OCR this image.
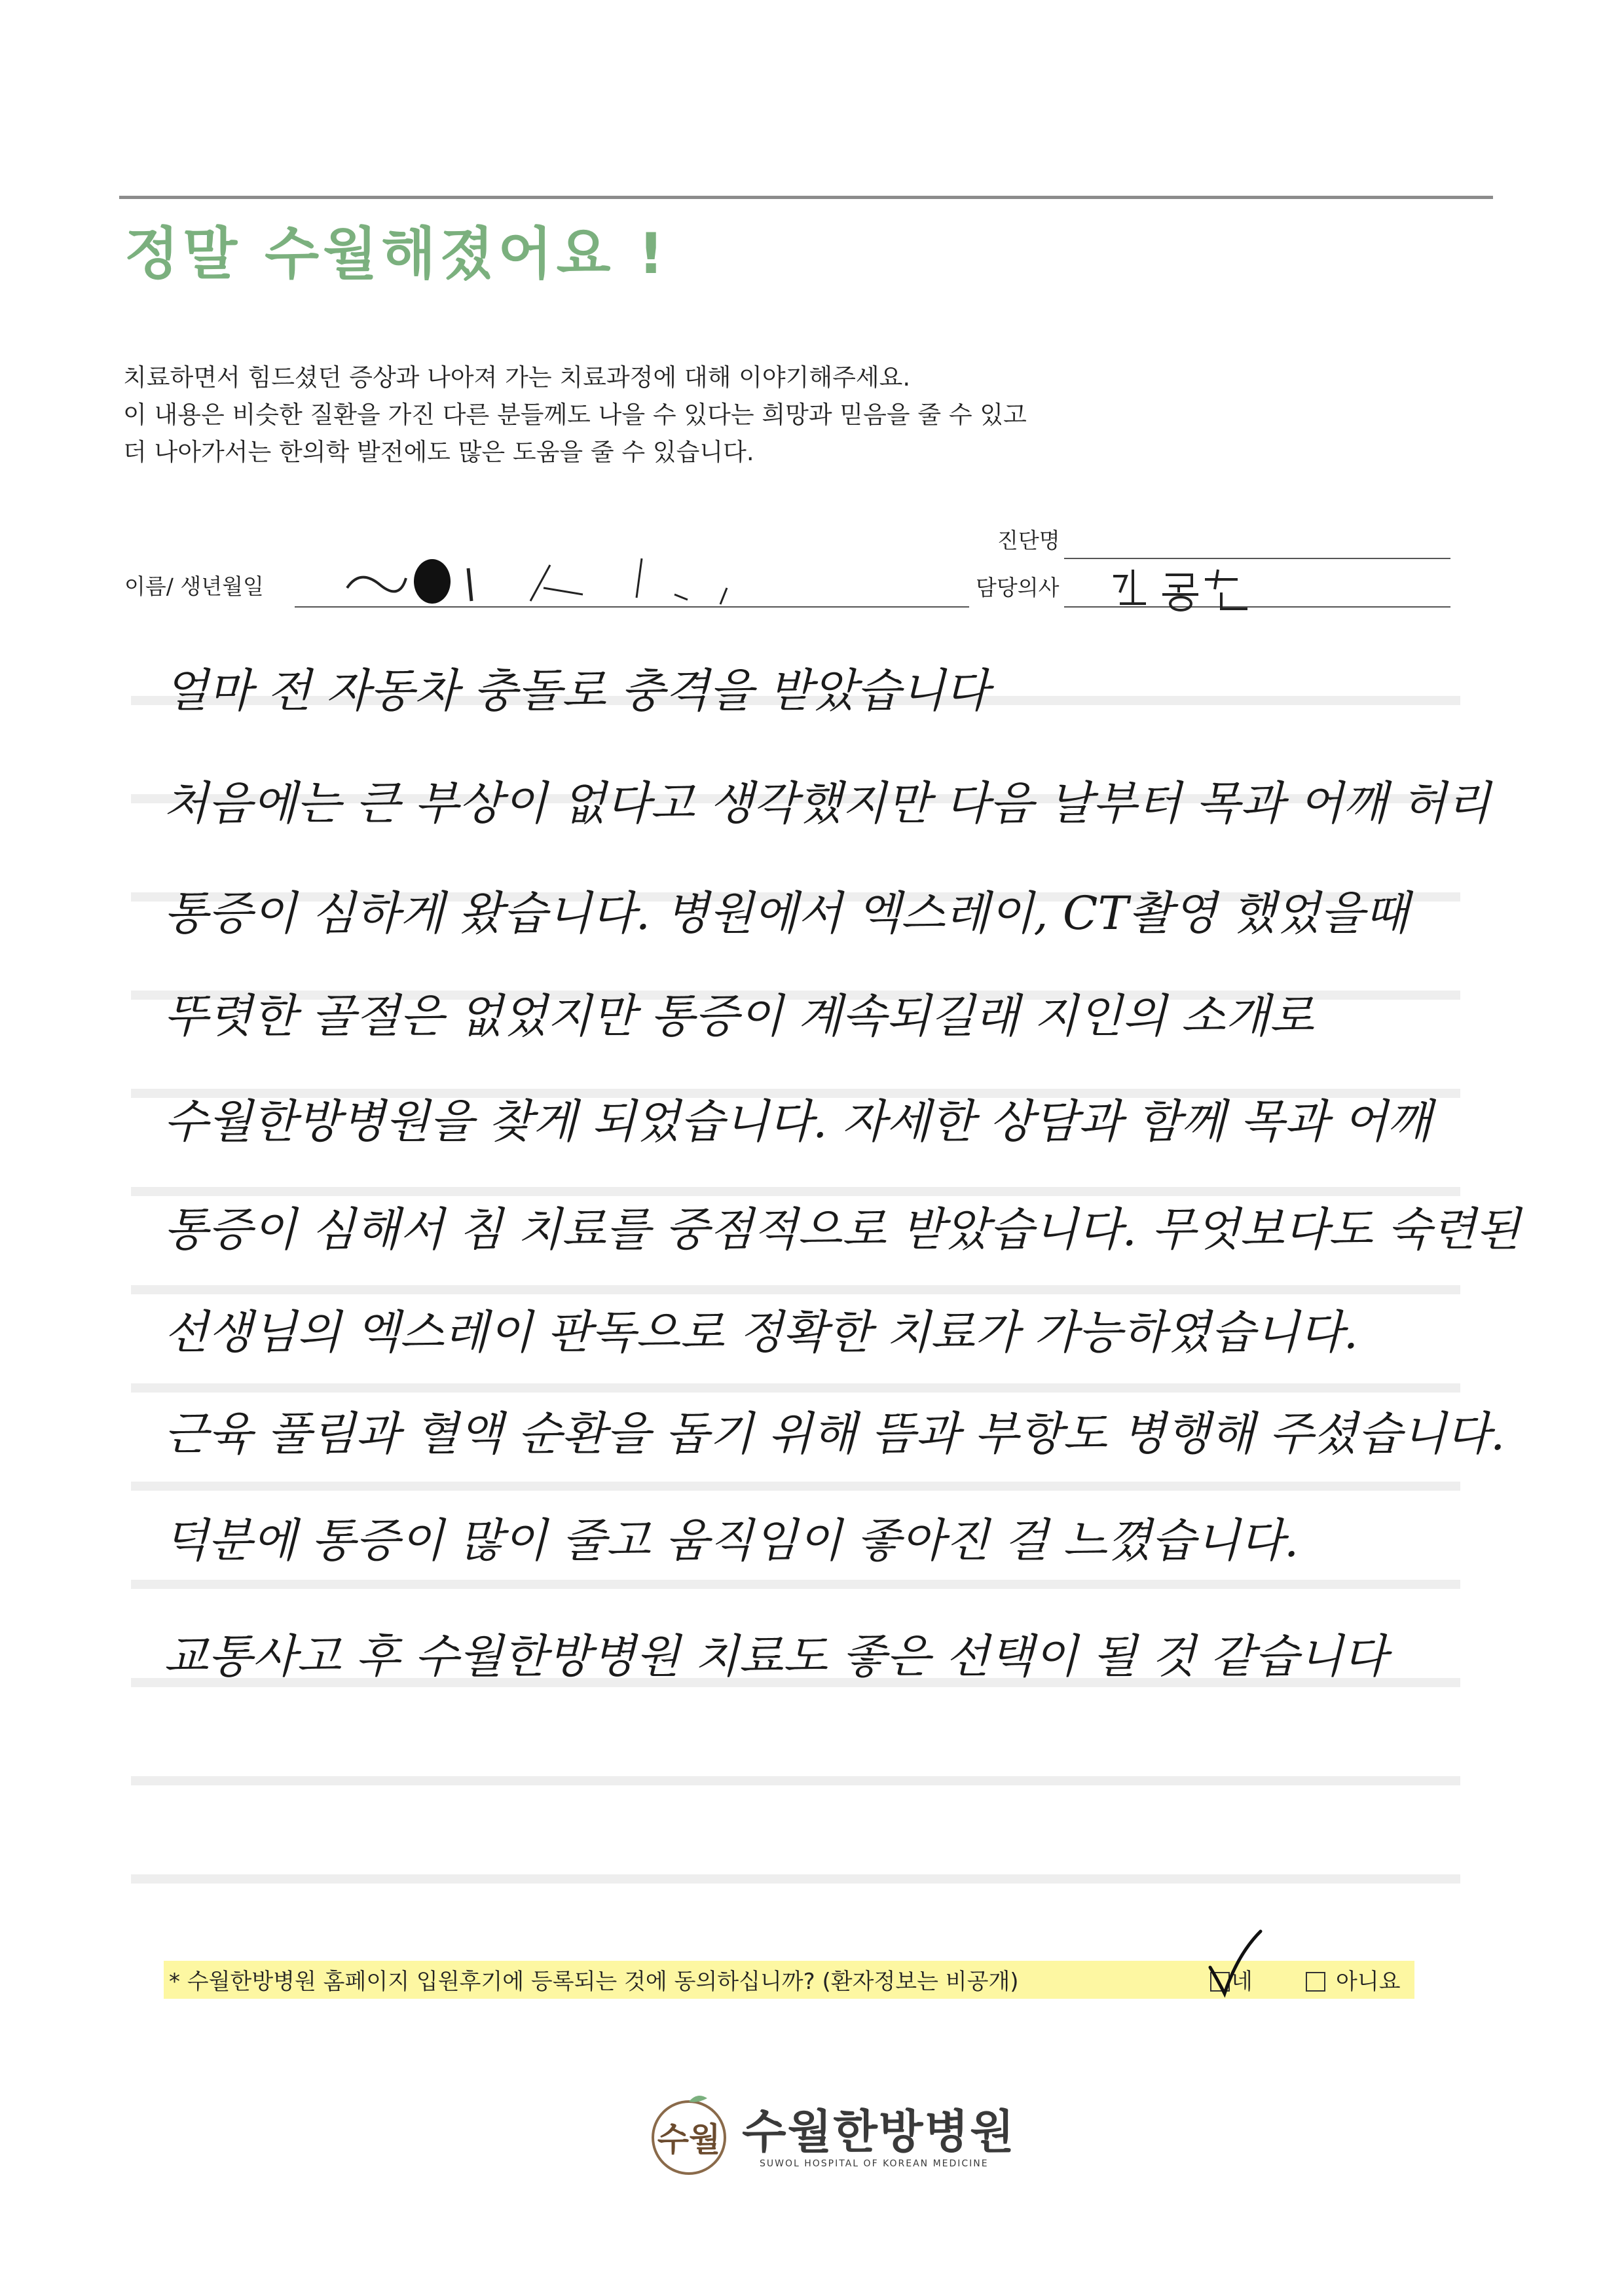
정말 수월해졌어요 !
치료하면서 힘드셨던 증상과 나아져 가는 치료과정에 대해 이야기해주세요.
이 내용은 비슷한 질환을 가진 다른 분들께도 나을 수 있다는 희망과 믿음을 줄 수 있고
더 나아가서는 한의학 발전에도 많은 도움을 줄 수 있습니다.
이름/ 생년월일
진단명
담당의사
얼마 전 자동차 충돌로 충격을 받았습니다
처음에는 큰 부상이 없다고 생각했지만 다음 날부터 목과 어깨 허리
통증이 심하게 왔습니다. 병원에서 엑스레이, CT촬영 했었을때
뚜렷한 골절은 없었지만 통증이 계속되길래 지인의 소개로
수월한방병원을 찾게 되었습니다. 자세한 상담과 함께 목과 어깨
통증이 심해서 침 치료를 중점적으로 받았습니다. 무엇보다도 숙련된
선생님의 엑스레이 판독으로 정확한 치료가 가능하였습니다.
근육 풀림과 혈액 순환을 돕기 위해 뜸과 부항도 병행해 주셨습니다.
덕분에 통증이 많이 줄고 움직임이 좋아진 걸 느꼈습니다.
교통사고 후 수월한방병원 치료도 좋은 선택이 될 것 같습니다
* 수월한방병원 홈페이지 입원후기에 등록되는 것에 동의하십니까? (환자정보는 비공개)	네	아니요
수월 수월한방병원
SUWOL HOSPITAL OF KOREAN MEDICINE
